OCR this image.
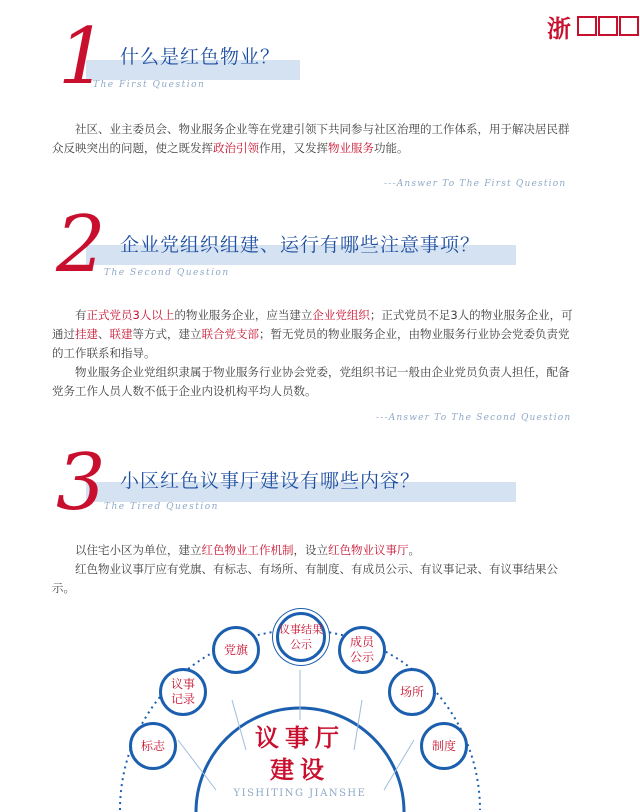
浙
1 什么是红色物业？
The First Question

社区、业主委员会、物业服务企业等在党建引领下共同参与社区治理的工作体系，用于解决居民群众反映突出的问题，使之既发挥政治引领作用，又发挥物业服务功能。

---Answer To The First Question
2 企业党组织组建、运行有哪些注意事项？
The Second Question

有正式党员3人以上的物业服务企业，应当建立企业党组织；正式党员不足3人的物业服务企业，可通过挂建、联建等方式，建立联合党支部；暂无党员的物业服务企业，由物业服务行业协会党委负责党的工作联系和指导。

物业服务企业党组织隶属于物业服务行业协会党委，党组织书记一般由企业党员负责人担任，配备党务工作人员人数不低于企业内设机构平均人员数。

---Answer To The Second Question
3 小区红色议事厅建设有哪些内容？
The Tired Question

以住宅小区为单位，建立红色物业工作机制，设立红色物业议事厅。

红色物业议事厅应有党旗、有标志、有场所、有制度、有成员公示、有议事记录、有议事结果公示。

标志
议事
记录
党旗
议事结果
公示	成员
公示
场所
制度
议事厅
建设
YISHITING JIANSHE
